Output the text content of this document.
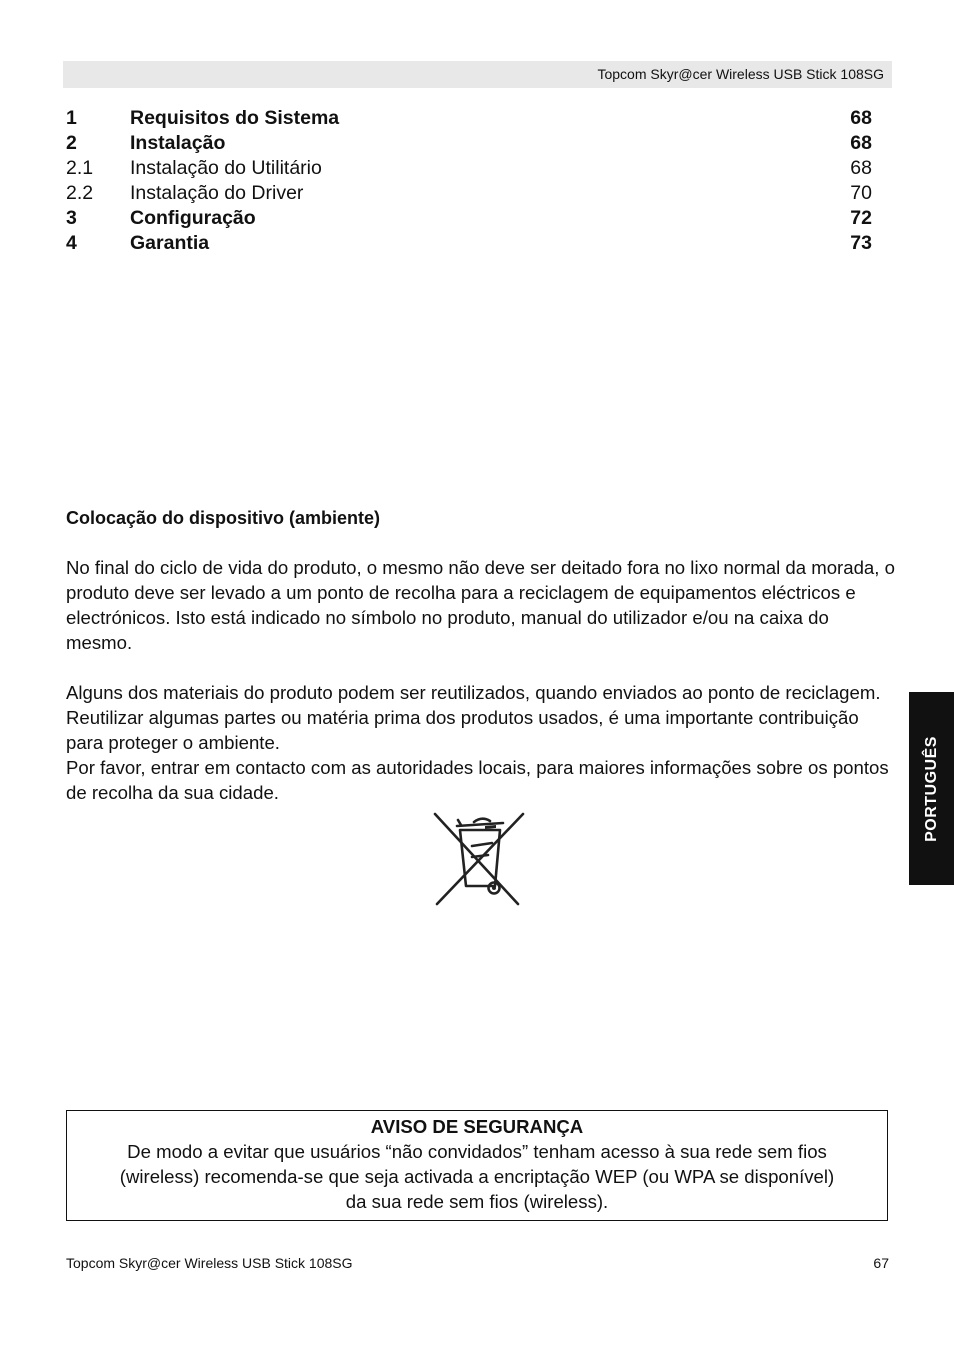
Topcom Skyr@cer Wireless USB Stick 108SG
1	Requisitos do Sistema	68
2	Instalação	68
2.1 Instalação do Utilitário	68
2.2 Instalação do Driver	70
3	Configuração	72
4	Garantia	73
Colocação do dispositivo (ambiente)

No final do ciclo de vida do produto, o mesmo não deve ser deitado fora no lixo normal da morada, o produto deve ser levado a um ponto de recolha para a reciclagem de equipamentos eléctricos e electrónicos. Isto está indicado no símbolo no produto, manual do utilizador e/ou na caixa do mesmo.

Alguns dos materiais do produto podem ser reutilizados, quando enviados ao ponto de reciclagem. Reutilizar algumas partes ou matéria prima dos produtos usados, é uma importante contribuição para proteger o ambiente.

Por favor, entrar em contacto com as autoridades locais, para maiores informações sobre os pontos de recolha da sua cidade.	PORTUGUÊS
AVISO DE SEGURANÇA
De modo a evitar que usuários “não convidados” tenham acesso à sua rede sem fios (wireless) recomenda-se que seja activada a encriptação WEP (ou WPA se disponível) da sua rede sem fios (wireless).
Topcom Skyr@cer Wireless USB Stick 108SG	67
